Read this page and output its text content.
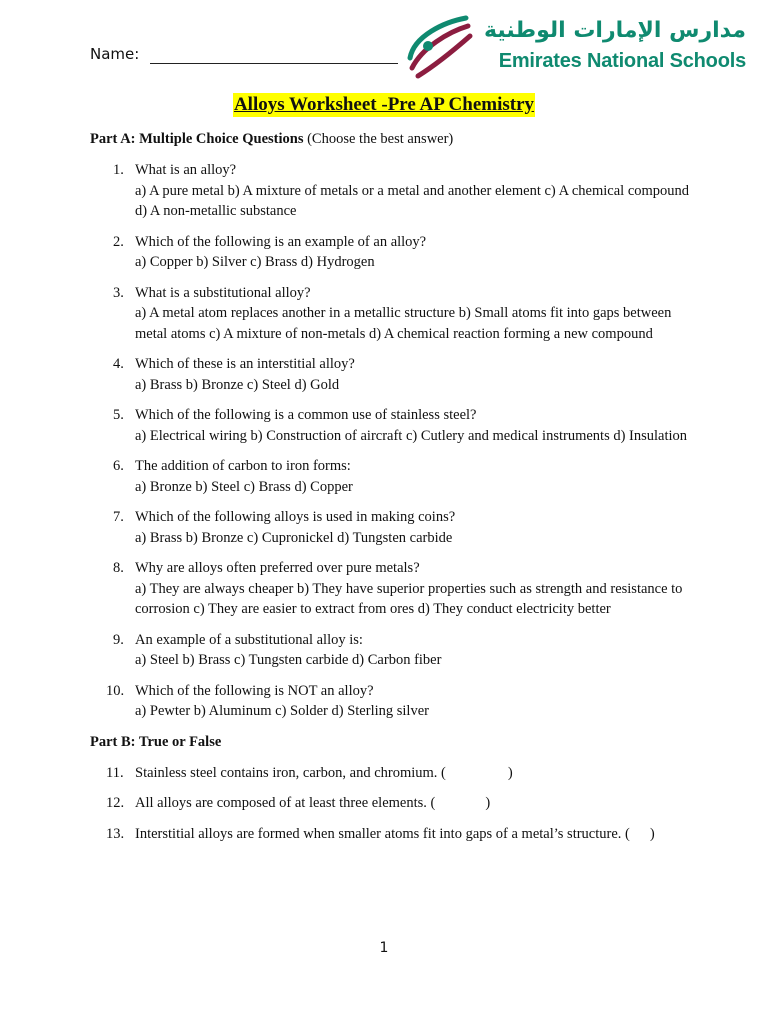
Name:
مدارس الإمارات الوطنية
Emirates National Schools
Alloys Worksheet -Pre AP Chemistry

Part A: Multiple Choice Questions (Choose the best answer)

1. What is an alloy?
a) A pure metal b) A mixture of metals or a metal and another element c) A chemical compound d) A non-metallic substance
2. Which of the following is an example of an alloy?
a) Copper b) Silver c) Brass d) Hydrogen
3. What is a substitutional alloy?
a) A metal atom replaces another in a metallic structure b) Small atoms fit into gaps between metal atoms c) A mixture of non-metals d) A chemical reaction forming a new compound
4. Which of these is an interstitial alloy?
a) Brass b) Bronze c) Steel d) Gold
5. Which of the following is a common use of stainless steel?
a) Electrical wiring b) Construction of aircraft c) Cutlery and medical instruments d) Insulation
6. The addition of carbon to iron forms:
a) Bronze b) Steel c) Brass d) Copper
7. Which of the following alloys is used in making coins?
a) Brass b) Bronze c) Cupronickel d) Tungsten carbide
8. Why are alloys often preferred over pure metals?
a) They are always cheaper b) They have superior properties such as strength and resistance to corrosion c) They are easier to extract from ores d) They conduct electricity better
9. An example of a substitutional alloy is:
a) Steel b) Brass c) Tungsten carbide d) Carbon fiber
10. Which of the following is NOT an alloy?
a) Pewter b) Aluminum c) Solder d) Sterling silver

Part B: True or False

11. Stainless steel contains iron, carbon, and chromium. (	)
12. All alloys are composed of at least three elements. (	)
13. Interstitial alloys are formed when smaller atoms fit into gaps of a metal’s structure. ( )
1
